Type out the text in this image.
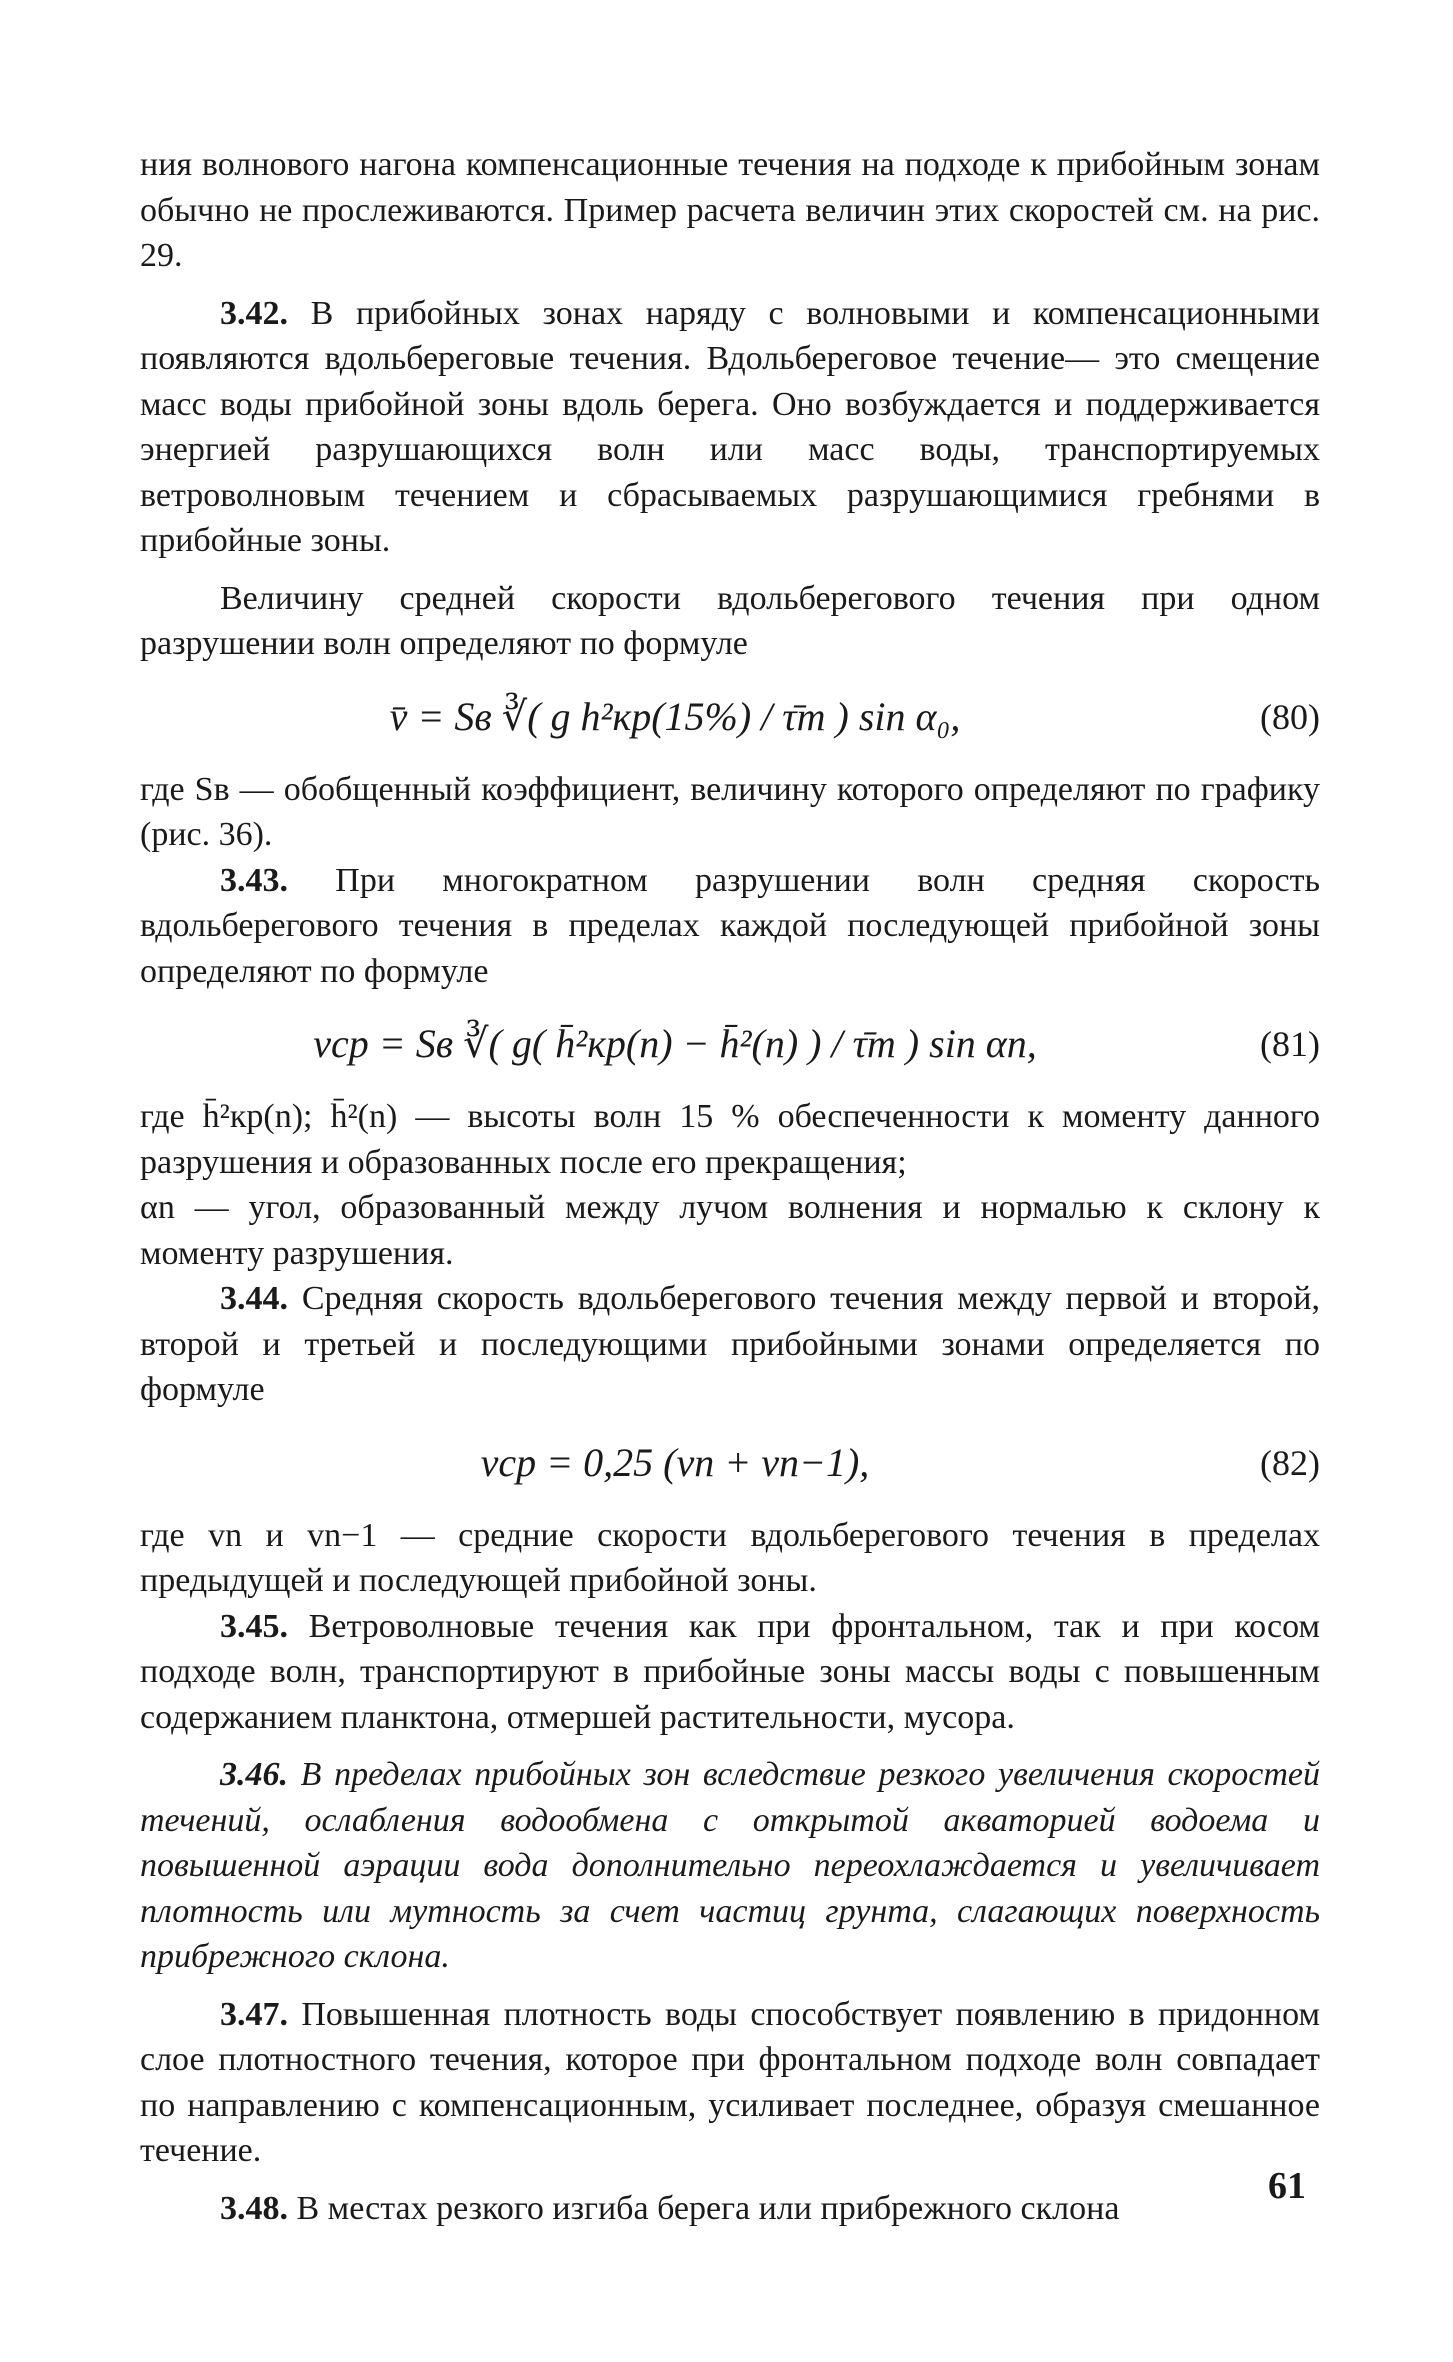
ния волнового нагона компенсационные течения на подходе к прибойным зонам обычно не прослеживаются. Пример расчета величин этих скоростей см. на рис. 29.

3.42. В прибойных зонах наряду с волновыми и компенсационными появляются вдольбереговые течения. Вдольбереговое течение— это смещение масс воды прибойной зоны вдоль берега. Оно возбуждается и поддерживается энергией разрушающихся волн или масс воды, транспортируемых ветроволновым течением и сбрасываемых разрушающимися гребнями в прибойные зоны.

Величину средней скорости вдольберегового течения при одном разрушении волн определяют по формуле

v̄ = Sв ∛( g h²кр(15%) / τ̄m ) sin α₀,	(80)

где Sв — обобщенный коэффициент, величину которого определяют по графику (рис. 36).

3.43. При многократном разрушении волн средняя скорость вдольберегового течения в пределах каждой последующей прибойной зоны определяют по формуле

vср = Sв ∛( g( h̄²кр(n) − h̄²(n) ) / τ̄m ) sin αn,	(81)

где h̄²кр(n); h̄²(n) — высоты волн 15 % обеспеченности к моменту данного разрушения и образованных после его прекращения;

αn — угол, образованный между лучом волнения и нормалью к склону к моменту разрушения.

3.44. Средняя скорость вдольберегового течения между первой и второй, второй и третьей и последующими прибойными зонами определяется по формуле

vср = 0,25 (vn + vn−1),	(82)

где vn и vn−1 — средние скорости вдольберегового течения в пределах предыдущей и последующей прибойной зоны.

3.45. Ветроволновые течения как при фронтальном, так и при косом подходе волн, транспортируют в прибойные зоны массы воды с повышенным содержанием планктона, отмершей растительности, мусора.

3.46. В пределах прибойных зон вследствие резкого увеличения скоростей течений, ослабления водообмена с открытой акваторией водоема и повышенной аэрации вода дополнительно переохлаждается и увеличивает плотность или мутность за счет частиц грунта, слагающих поверхность прибрежного склона.

3.47. Повышенная плотность воды способствует появлению в придонном слое плотностного течения, которое при фронтальном подходе волн совпадает по направлению с компенсационным, усиливает последнее, образуя смешанное течение.

3.48. В местах резкого изгиба берега или прибрежного склона

61
